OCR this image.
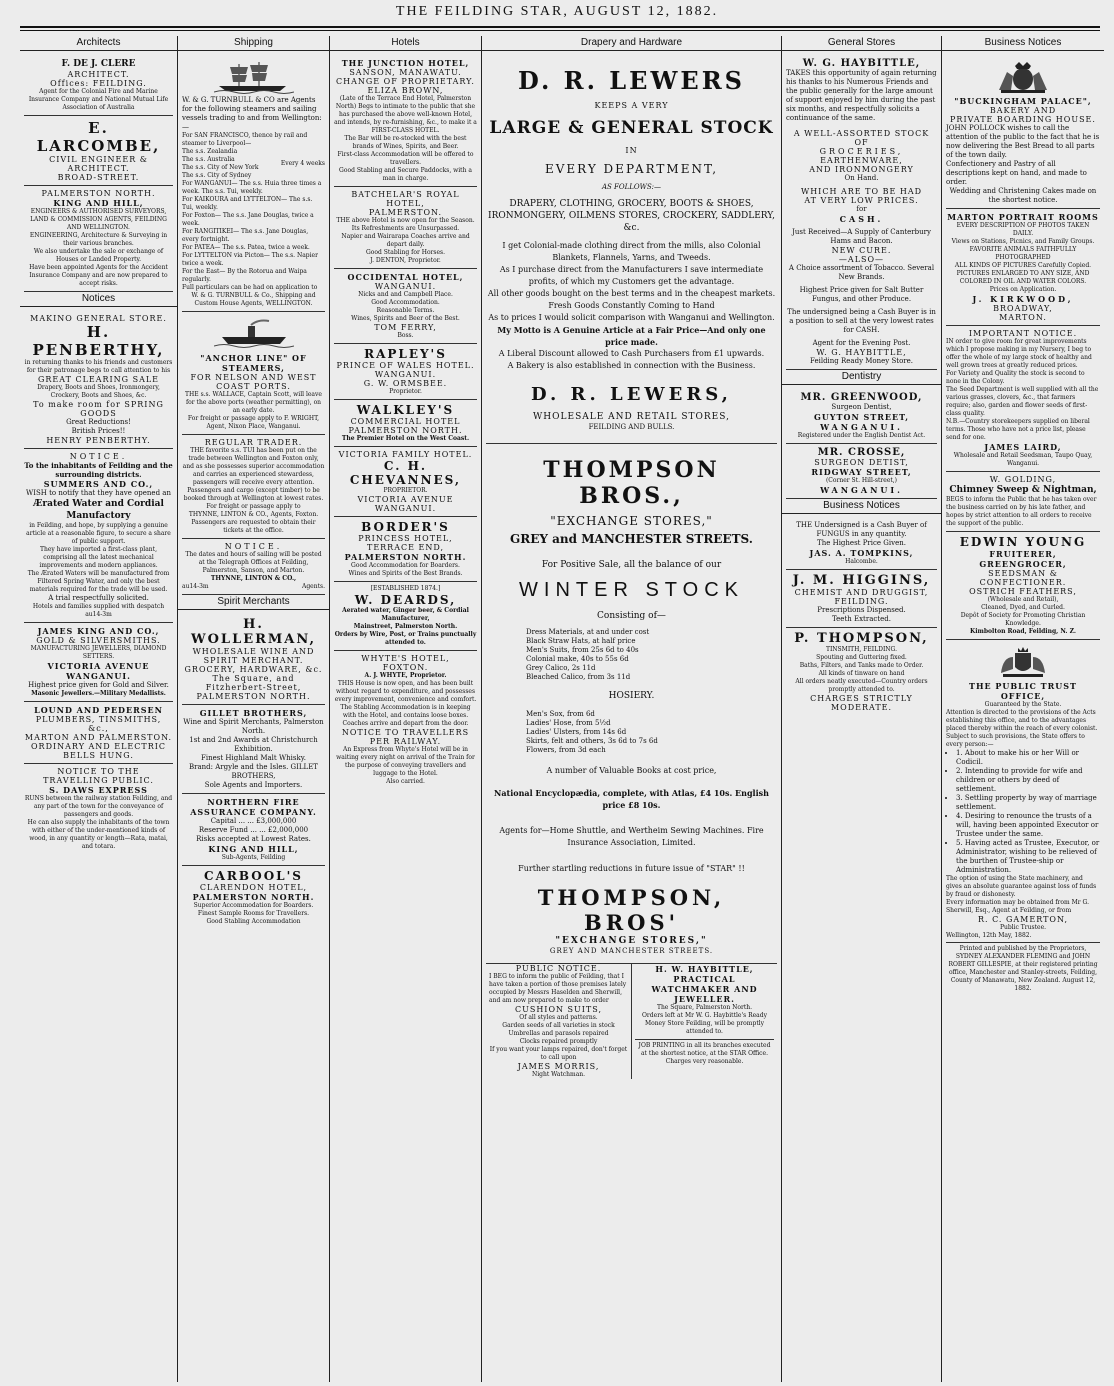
THE FEILDING STAR, AUGUST 12, 1882.
Architects
F. DE J. CLERE
ARCHITECT.
Offices: FEILDING.
Agent for the Colonial Fire and Marine Insurance Company and National Mutual Life Association of Australia
E. LARCOMBE,
CIVIL ENGINEER & ARCHITECT.
BROAD-STREET.
PALMERSTON NORTH.
KING AND HILL,
ENGINEERS & AUTHORISED SURVEYORS, LAND & COMMISSION AGENTS, FEILDING AND WELLINGTON.
ENGINEERING, Architecture & Surveying in their various branches.
We also undertake the sale or exchange of Houses or Landed Property.
Have been appointed Agents for the Accident Insurance Company and are now prepared to accept risks.
Notices
MAKINO GENERAL STORE.
H. PENBERTHY,
in returning thanks to his friends and customers for their patronage begs to call attention to his
GREAT CLEARING SALE
Drapery, Boots and Shoes, Ironmongery, Crockery, Boots and Shoes, &c.
To make room for SPRING GOODS
Great Reductions!
British Prices!!
HENRY PENBERTHY.
NOTICE.
To the inhabitants of Feilding and the surrounding districts.
SUMMERS AND CO.,
WISH to notify that they have opened an
Ærated Water and Cordial Manufactory
in Feilding, and hope, by supplying a genuine article at a reasonable figure, to secure a share of public support.
They have imported a first-class plant, comprising all the latest mechanical improvements and modern appliances.
The Ærated Waters will be manufactured from Filtered Spring Water, and only the best materials required for the trade will be used.
A trial respectfully solicited.
Hotels and families supplied with despatch
au14-3m
JAMES KING AND CO.,
GOLD & SILVERSMITHS.
MANUFACTURING JEWELLERS, DIAMOND SETTERS.
VICTORIA AVENUE WANGANUI.
Highest price given for Gold and Silver.
Masonic Jewellers.—Military Medallists.
LOUND AND PEDERSEN
PLUMBERS, TINSMITHS, &c.,
MARTON AND PALMERSTON.
ORDINARY AND ELECTRIC BELLS HUNG.
NOTICE TO THE TRAVELLING PUBLIC.
S. DAWS EXPRESS
RUNS between the railway station Feilding, and any part of the town for the conveyance of passengers and goods.
He can also supply the inhabitants of the town with either of the under-mentioned kinds of wood, in any quantity or length—Rata, matai, and totara.
Shipping
W. & G. TURNBULL & CO are Agents for the following steamers and sailing vessels trading to and from Wellington:—
For SAN FRANCISCO, thence by rail and steamer to Liverpool—
The s.s. Zealandia
The s.s. Australia
The s.s. City of New York
The s.s. City of Sydney
Every 4 weeks
For WANGANUI— The s.s. Huia three times a week. The s.s. Tui, weekly.
For KAIKOURA and LYTTELTON— The s.s. Tui, weekly.
For Foxton— The s.s. Jane Douglas, twice a week.
For RANGITIKEI— The s.s. Jane Douglas, every fortnight.
For PATEA— The s.s. Patea, twice a week.
For LYTTELTON via Picton— The s.s. Napier twice a week.
For the East— By the Rotorua and Waipa regularly.
Full particulars can be had on application to
W. & G. TURNBULL & Co., Shipping and Custom House Agents, WELLINGTON.
"ANCHOR LINE" OF STEAMERS,
FOR NELSON AND WEST COAST PORTS.
THE s.s. WALLACE, Captain Scott, will leave for the above ports (weather permitting), on an early date.
For freight or passage apply to F. WRIGHT,
Agent, Nixon Place, Wanganui.
REGULAR TRADER.
THE favorite s.s. TUI has been put on the trade between Wellington and Foxton only, and as she possesses superior accommodation and carries an experienced stewardess, passengers will receive every attention.
Passengers and cargo (except timber) to be booked through at Wellington at lowest rates.
For freight or passage apply to
THYNNE, LINTON & CO., Agents, Foxton.
Passengers are requested to obtain their tickets at the office.
NOTICE.
The dates and hours of sailing will be posted at the Telegraph Offices at Feilding, Palmerston, Sanson, and Marton.
THYNNE, LINTON & CO.,
au14-3m	Agents.
Spirit Merchants
H. WOLLERMAN,
WHOLESALE WINE AND SPIRIT MERCHANT.
GROCERY, HARDWARE, &c.
The Square, and Fitzherbert-Street, PALMERSTON NORTH.
GILLET BROTHERS,
Wine and Spirit Merchants, Palmerston North.
1st and 2nd Awards at Christchurch Exhibition.
Finest Highland Malt Whisky.
Brand: Argyle and the Isles. GILLET BROTHERS,
Sole Agents and Importers.
NORTHERN FIRE ASSURANCE COMPANY.
Capital ... ... £3,000,000
Reserve Fund ... ... £2,000,000
Risks accepted at Lowest Rates.
KING AND HILL,
Sub-Agents, Feilding
CARBOOL'S
CLARENDON HOTEL,
PALMERSTON NORTH.
Superior Accommodation for Boarders.
Finest Sample Rooms for Travellers.
Good Stabling Accommodation
Hotels
THE JUNCTION HOTEL,
SANSON, MANAWATU.
CHANGE OF PROPRIETARY.
ELIZA BROWN,
(Late of the Terrace End Hotel, Palmerston North) Begs to intimate to the public that she has purchased the above well-known Hotel, and intends, by re-furnishing, &c., to make it a FIRST-CLASS HOTEL.
The Bar will be re-stocked with the best brands of Wines, Spirits, and Beer.
First-class Accommodation will be offered to travellers.
Good Stabling and Secure Paddocks, with a man in charge.
BATCHELAR'S ROYAL HOTEL,
PALMERSTON.
THE above Hotel is now open for the Season.
Its Refreshments are Unsurpassed.
Napier and Wairarapa Coaches arrive and depart daily.
Good Stabling for Horses.
J. DENTON, Proprietor.
OCCIDENTAL HOTEL,
WANGANUI.
Nicks and and Campbell Place.
Good Accommodation.
Reasonable Terms.
Wines, Spirits and Beer of the Best.
TOM FERRY,
Boss.
RAPLEY'S
PRINCE OF WALES HOTEL.
WANGANUI.
G. W. ORMSBEE.
Proprietor.
WALKLEY'S
COMMERCIAL HOTEL
PALMERSTON NORTH.
The Premier Hotel on the West Coast.
VICTORIA FAMILY HOTEL.
C. H. CHEVANNES,
PROPRIETOR.
VICTORIA AVENUE WANGANUI.
BORDER'S
PRINCESS HOTEL,
TERRACE END,
PALMERSTON NORTH.
Good Accommodation for Boarders.
Wines and Spirits of the Best Brands.
[ESTABLISHED 1874.]
W. DEARDS,
Aerated water, Ginger beer, & Cordial Manufacturer,
Mainstreet, Palmerston North.
Orders by Wire, Post, or Trains punctually attended to.
WHYTE'S HOTEL,
FOXTON.
A. J. WHYTE, Proprietor.
THIS House is now open, and has been built without regard to expenditure, and possesses every improvement, convenience and comfort.
The Stabling Accommodation is in keeping with the Hotel, and contains loose boxes.
Coaches arrive and depart from the door.
NOTICE TO TRAVELLERS PER RAILWAY.
An Express from Whyte's Hotel will be in waiting every night on arrival of the Train for the purpose of conveying travellers and luggage to the Hotel.
Also carried.
Drapery and Hardware
D. R. LEWERS
KEEPS A VERY
LARGE & GENERAL STOCK
IN
EVERY DEPARTMENT,
AS FOLLOWS:—
DRAPERY, CLOTHING, GROCERY, BOOTS & SHOES, IRONMONGERY, OILMENS STORES, CROCKERY, SADDLERY, &c.
I get Colonial-made clothing direct from the mills, also Colonial Blankets, Flannels, Yarns, and Tweeds.
As I purchase direct from the Manufacturers I save intermediate profits, of which my Customers get the advantage.
All other goods bought on the best terms and in the cheapest markets.
Fresh Goods Constantly Coming to Hand
As to prices I would solicit comparison with Wanganui and Wellington.
My Motto is A Genuine Article at a Fair Price—And only one price made.
A Liberal Discount allowed to Cash Purchasers from £1 upwards.
A Bakery is also established in connection with the Business.
D. R. LEWERS,
WHOLESALE AND RETAIL STORES,
FEILDING AND BULLS.
THOMPSON BROS.,
"EXCHANGE STORES,"
GREY and MANCHESTER STREETS.
For Positive Sale, all the balance of our
WINTER STOCK
Consisting of—
Dress Materials, at and under cost
Black Straw Hats, at half price
Men's Suits, from 25s 6d to 40s
Colonial make, 40s to 55s 6d
Grey Calico, 2s 11d
Bleached Calico, from 3s 11d
HOSIERY.
Men's Sox, from 6d
Ladies' Hose, from 5½d
Ladies' Ulsters, from 14s 6d
Skirts, felt and others, 3s 6d to 7s 6d
Flowers, from 3d each
A number of Valuable Books at cost price,
National Encyclopædia, complete, with Atlas, £4 10s. English price £8 10s.
Agents for—Home Shuttle, and Wertheim Sewing Machines. Fire Insurance Association, Limited.
Further startling reductions in future issue of "STAR" !!
THOMPSON, BROS'
"EXCHANGE STORES,"
GREY AND MANCHESTER STREETS.
PUBLIC NOTICE.
I BEG to inform the public of Feilding, that I have taken a portion of those premises lately occupied by Messrs Haselden and Sherwill, and am now prepared to make to order
CUSHION SUITS,
Of all styles and patterns.
Garden seeds of all varieties in stock
Umbrellas and parasols repaired
Clocks repaired promptly
If you want your lamps repaired, don't forget to call upon
JAMES MORRIS,
Night Watchman.
H. W. HAYBITTLE,
PRACTICAL WATCHMAKER AND JEWELLER.
The Square, Palmerston North.
Orders left at Mr W. G. Haybittle's Ready Money Store Feilding, will be promptly attended to.
JOB PRINTING in all its branches executed at the shortest notice, at the STAR Office. Charges very reasonable.
General Stores
W. G. HAYBITTLE,
TAKES this opportunity of again returning his thanks to his Numerous Friends and the public generally for the large amount of support enjoyed by him during the past six months, and respectfully solicits a continuance of the same.
A WELL-ASSORTED STOCK OF
GROCERIES,
EARTHENWARE,
AND IRONMONGERY
On Hand.
WHICH ARE TO BE HAD
AT VERY LOW PRICES.
for
CASH.
Just Received—A Supply of Canterbury Hams and Bacon.
NEW CURE.
—ALSO—
A Choice assortment of Tobacco. Several New Brands.
Highest Price given for Salt Butter Fungus, and other Produce.
The undersigned being a Cash Buyer is in a position to sell at the very lowest rates for CASH.
Agent for the Evening Post.
W. G. HAYBITTLE,
Feilding Ready Money Store.
Dentistry
MR. GREENWOOD,
Surgeon Dentist,
GUYTON STREET,
WANGANUI.
Registered under the English Dentist Act.
MR. CROSSE,
SURGEON DETIST,
RIDGWAY STREET,
(Corner St. Hill-street,)
WANGANUI.
Business Notices
THE Undersigned is a Cash Buyer of FUNGUS in any quantity.
The Highest Price Given.
JAS. A. TOMPKINS,
Halcombe.
J. M. HIGGINS,
CHEMIST AND DRUGGIST,
FEILDING.
Prescriptions Dispensed.
Teeth Extracted.
P. THOMPSON,
TINSMITH, FEILDING.
Spouting and Guttering fixed.
Baths, Filters, and Tanks made to Order.
All kinds of tinware on hand
All orders neatly executed—Country orders promptly attended to.
CHARGES STRICTLY MODERATE.
Business Notices
"BUCKINGHAM PALACE",
BAKERY AND
PRIVATE BOARDING HOUSE.
JOHN POLLOCK wishes to call the attention of the public to the fact that he is now delivering the Best Bread to all parts of the town daily.
Confectionery and Pastry of all descriptions kept on hand, and made to order.
Wedding and Christening Cakes made on the shortest notice.
MARTON PORTRAIT ROOMS
EVERY DESCRIPTION OF PHOTOS TAKEN DAILY.
Views on Stations, Picnics, and Family Groups.
FAVORITE ANIMALS FAITHFULLY PHOTOGRAPHED
ALL KINDS OF PICTURES Carefully Copied.
PICTURES ENLARGED TO ANY SIZE, AND COLORED IN OIL AND WATER COLORS.
Prices on Application.
J. KIRKWOOD,
BROADWAY,
MARTON.
IMPORTANT NOTICE.
IN order to give room for great improvements which I propose making in my Nursery, I beg to offer the whole of my large stock of healthy and well grown trees at greatly reduced prices.
For Variety and Quality the stock is second to none in the Colony.
The Seed Department is well supplied with all the various grasses, clovers, &c., that farmers require; also, garden and flower seeds of first-class quality.
N.B.—Country storekeepers supplied on liberal terms. Those who have not a price list, please send for one.
JAMES LAIRD,
Wholesale and Retail Seedsman, Taupo Quay, Wanganui.
W. GOLDING,
Chimney Sweep & Nightman,
BEGS to inform the Public that he has taken over the business carried on by his late father, and hopes by strict attention to all orders to receive the support of the public.
EDWIN YOUNG
FRUITERER, GREENGROCER,
SEEDSMAN & CONFECTIONER.
OSTRICH FEATHERS,
(Wholesale and Retail),
Cleaned, Dyed, and Curled.
Depôt of Society for Promoting Christian Knowledge.
Kimbolton Road, Feilding, N. Z.
THE PUBLIC TRUST OFFICE,
Guaranteed by the State.
Attention is directed to the provisions of the Acts establishing this office, and to the advantages placed thereby within the reach of every colonist. Subject to such provisions, the State offers to every person:—
• 1. About to make his or her Will or Codicil.
• 2. Intending to provide for wife and children or others by deed of settlement.
• 3. Settling property by way of marriage settlement.
• 4. Desiring to renounce the trusts of a will, having been appointed Executor or Trustee under the same.
• 5. Having acted as Trustee, Executor, or Administrator, wishing to be relieved of the burthen of Trustee-ship or Administration.
The option of using the State machinery, and gives an absolute guarantee against loss of funds by fraud or dishonesty.
Every information may be obtained from Mr G. Sherwill, Esq., Agent at Feilding, or from
R. C. GAMERTON,
Public Trustee.
Wellington, 12th May, 1882.
Printed and published by the Proprietors, SYDNEY ALEXANDER FLEMING and JOHN ROBERT GILLESPIE, at their registered printing office, Manchester and Stanley-streets, Feilding, County of Manawatu, New Zealand. August 12, 1882.
